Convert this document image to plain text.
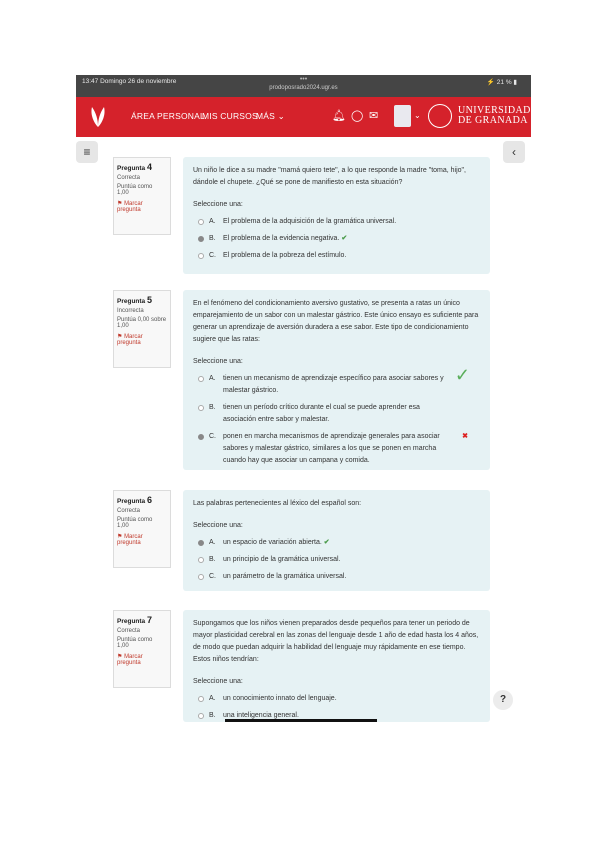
13:47 Domingo 26 de noviembre	•••
prodoposrado2024.ugr.es
⚡ 21 % ▮
ÁREA PERSONAL
MIS CURSOS
MÁS ⌄	🔔︎ ◯ ✉	⌄	UNIVERSIDAD
DE GRANADA
≡	‹
Pregunta 4
Correcta
Puntúa como
1,00
⚑ Marcar pregunta
Un niño le dice a su madre "mamá quiero tete", a lo que responde la madre "toma, hijo", dándole el chupete. ¿Qué se pone de manifiesto en esta situación?
Seleccione una:
A. El problema de la adquisición de la gramática universal.
B. El problema de la evidencia negativa. ✔
C. El problema de la pobreza del estímulo.
Pregunta 5
Incorrecta
Puntúa 0,00 sobre
1,00
⚑ Marcar pregunta
En el fenómeno del condicionamiento aversivo gustativo, se presenta a ratas un único emparejamiento de un sabor con un malestar gástrico. Este único ensayo es suficiente para generar un aprendizaje de aversión duradera a ese sabor. Este tipo de condicionamiento sugiere que las ratas:
Seleccione una:
A. tienen un mecanismo de aprendizaje específico para asociar sabores y malestar gástrico.
✓
B. tienen un período crítico durante el cual se puede aprender esa asociación entre sabor y malestar.
C. ponen en marcha mecanismos de aprendizaje generales para asociar sabores y malestar gástrico, similares a los que se ponen en marcha cuando hay que asociar un campana y comida.
✖
Pregunta 6
Correcta
Puntúa como
1,00
⚑ Marcar pregunta
Las palabras pertenecientes al léxico del español son:
Seleccione una:
A. un espacio de variación abierta. ✔
B. un principio de la gramática universal.
C. un parámetro de la gramática universal.
Pregunta 7
Correcta
Puntúa como
1,00
⚑ Marcar pregunta
Supongamos que los niños vienen preparados desde pequeños para tener un periodo de mayor plasticidad cerebral en las zonas del lenguaje desde 1 año de edad hasta los 4 años, de modo que puedan adquirir la habilidad del lenguaje muy rápidamente en ese tiempo. Estos niños tendrían:
Seleccione una:
A. un conocimiento innato del lenguaje.
B. una inteligencia general.
?
